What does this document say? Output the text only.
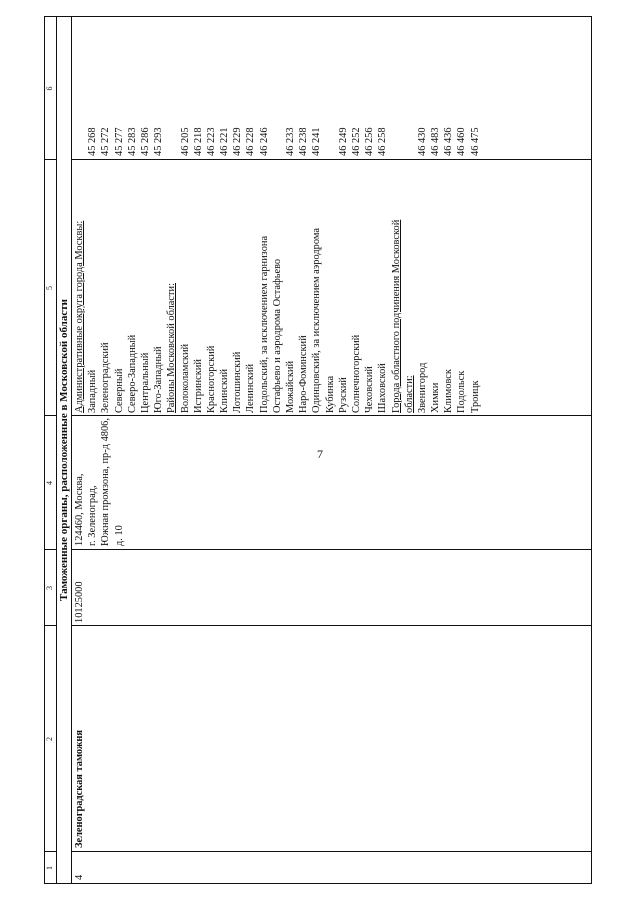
7
1
2
3
4
5
6
Таможенные органы, расположенные в Московской области
4
Зеленоградская таможня
10125000
124460, Москва, г. Зеленоград, Южная промзона, пр-д 4806, д. 10
Административные округа города Москвы: Западный Зеленоградский Северный Северо-Западный Центральный Юго-Западный Районы Московской области: Волоколамский Истринский Красногорский Клинский Лотошинский Ленинский Подольский, за исключением гарнизона Остафьево и аэродрома Остафьево Можайский Наро-Фоминский Одинцовский, за исключением аэродрома Кубинка Рузский Солнечногорский Чеховский Шаховской Города областного подчинения Московской области: Звенигород Химки Климовск Подольск Троицк
45 268 45 272 45 277 45 283 45 286 45 293 46 205 46 218 46 223 46 221 46 229 46 228 46 246 46 233 46 238 46 241 46 249 46 252 46 256 46 258	46 430 46 483 46 436 46 460 46 475
